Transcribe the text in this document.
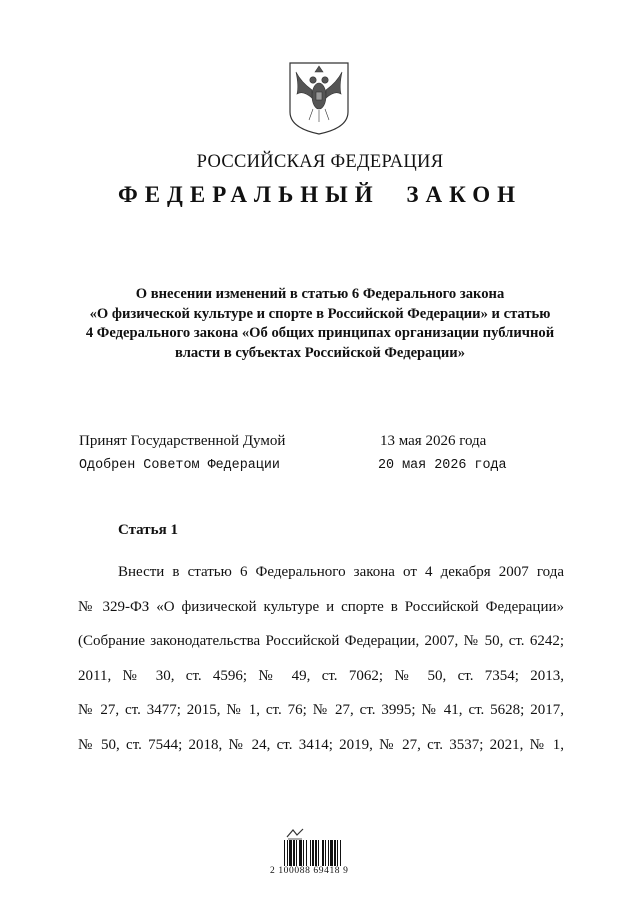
РОССИЙСКАЯ ФЕДЕРАЦИЯ
ФЕДЕРАЛЬНЫЙ ЗАКОН
О внесении изменений в статью 6 Федерального закона
«О физической культуре и спорте в Российской Федерации» и статью
4 Федерального закона «Об общих принципах организации публичной
власти в субъектах Российской Федерации»
Принят Государственной Думой	13 мая 2026 года
Одобрен Советом Федерации	20 мая 2026 года
Статья 1
Внести в статью 6 Федерального закона от 4 декабря 2007 года
№ 329-ФЗ «О физической культуре и спорте в Российской Федерации»
(Собрание законодательства Российской Федерации, 2007, № 50, ст. 6242;
2011, № 30, ст. 4596; № 49, ст. 7062; № 50, ст. 7354; 2013,
№ 27, ст. 3477; 2015, № 1, ст. 76; № 27, ст. 3995; № 41, ст. 5628; 2017,
№ 50, ст. 7544; 2018, № 24, ст. 3414; 2019, № 27, ст. 3537; 2021, № 1,
2 100088 69418 9
